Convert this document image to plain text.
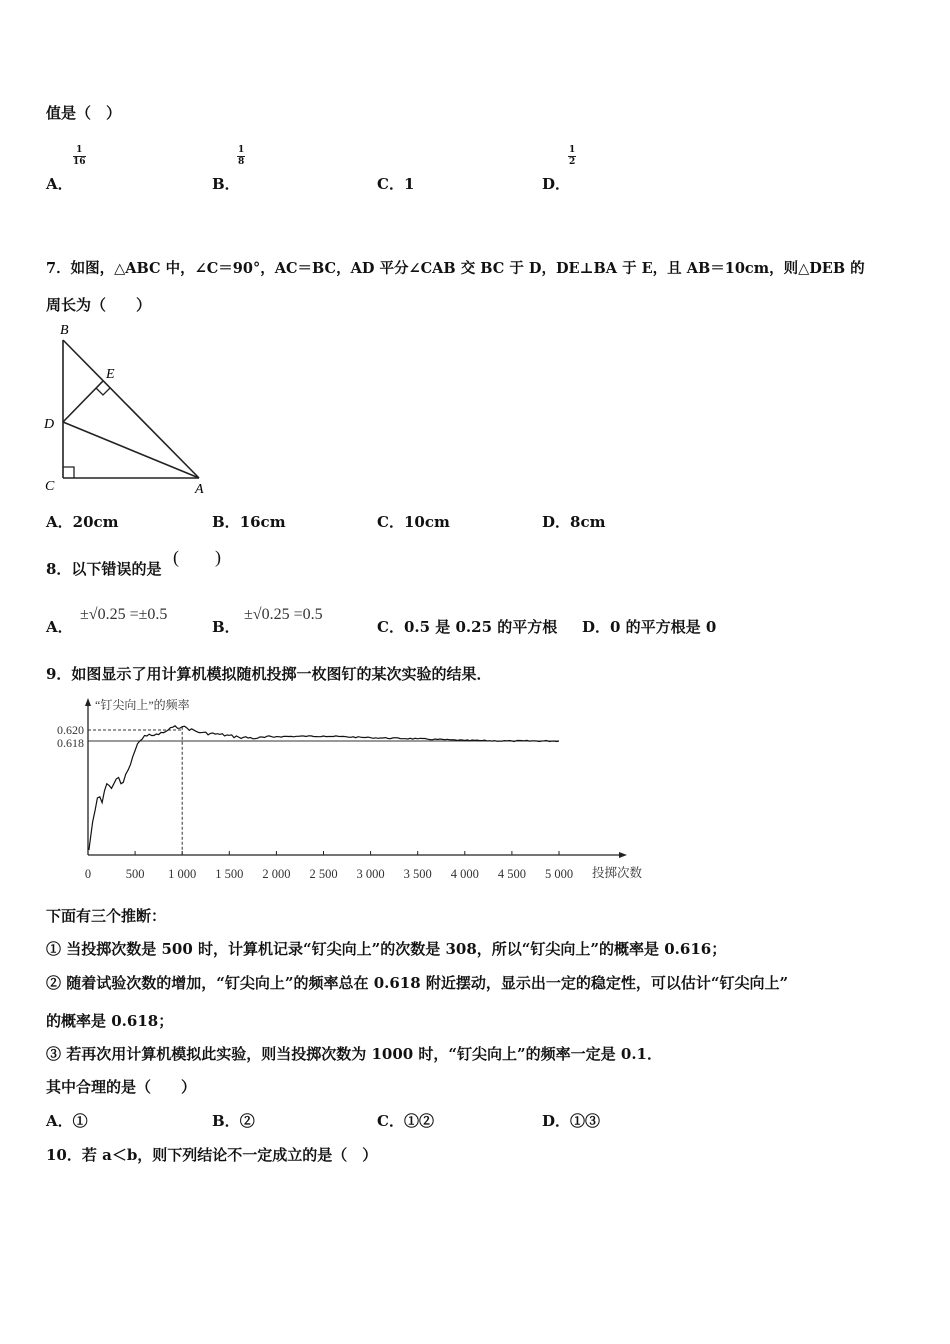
值是（　）
A．
$\frac{1}{16}$
B．
$\frac{1}{8}$
C．1	D．
$\frac{1}{2}$
7．如图，△ABC 中，∠C＝90°，AC＝BC，AD 平分∠CAB 交 BC 于 D，DE⊥BA 于 E，且 AB＝10cm，则△DEB 的
周长为（　　）
B
E
D
C	A
A．20cm	B．16cm	C．10cm	D．8cm
8．以下错误的是
(　　)
A．
±√0.25 =±0.5
B．
±√0.25 =0.5
C．0.5 是 0.25 的平方根 D．0 的平方根是 0
9．如图显示了用计算机模拟随机投掷一枚图钉的某次实验的结果．
“钉尖向上”的频率
投掷次数
0	500 1 000 1 500 2 000 2 500 3 000 3 500 4 000 4 500 5 000
0.620
0.618
下面有三个推断：
① 当投掷次数是 500 时，计算机记录“钉尖向上”的次数是 308，所以“钉尖向上”的概率是 0.616；
② 随着试验次数的增加，“钉尖向上”的频率总在 0.618 附近摆动，显示出一定的稳定性，可以估计“钉尖向上”
的概率是 0.618；
③ 若再次用计算机模拟此实验，则当投掷次数为 1000 时，“钉尖向上”的频率一定是 0.1．
其中合理的是（　　）
A．①	B．②	C．①②	D．①③
10．若 a＜b，则下列结论不一定成立的是（　）
